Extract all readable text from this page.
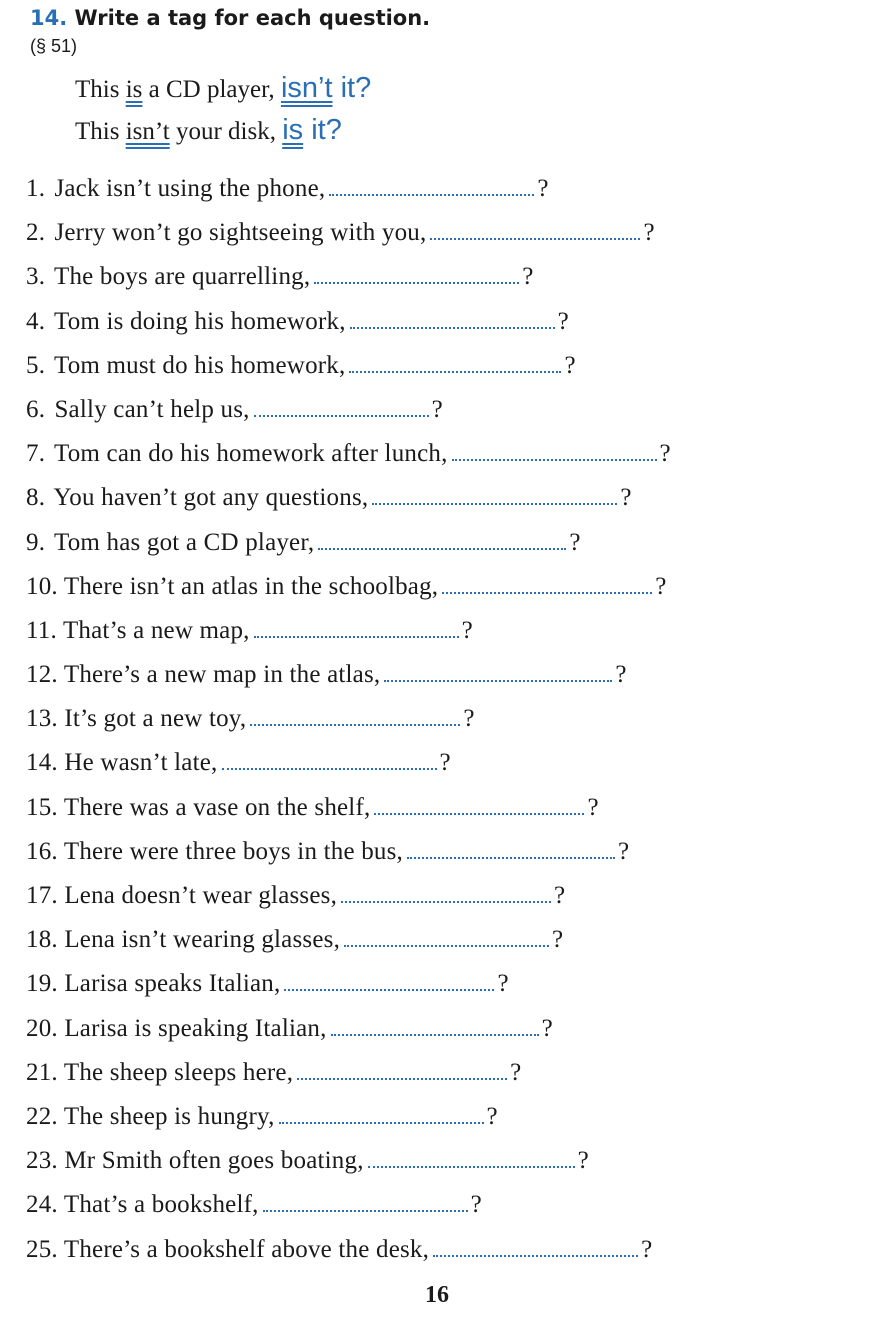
14. Write a tag for each question.
(§ 51)
This is a CD player, isn’t it?
This isn’t your disk, is it?
1. Jack isn’t using the phone,	?
2. Jerry won’t go sightseeing with you,	?
3. The boys are quarrelling,	?
4. Tom is doing his homework,	?
5. Tom must do his homework,	?
6. Sally can’t help us,	?
7. Tom can do his homework after lunch,	?
8. You haven’t got any questions,	?
9. Tom has got a CD player,	?
10. There isn’t an atlas in the schoolbag,	?
11. That’s a new map,	?
12. There’s a new map in the atlas,	?
13. It’s got a new toy,	?
14. He wasn’t late,	?
15. There was a vase on the shelf,	?
16. There were three boys in the bus,	?
17. Lena doesn’t wear glasses,	?
18. Lena isn’t wearing glasses,	?
19. Larisa speaks Italian,	?
20. Larisa is speaking Italian,	?
21. The sheep sleeps here,	?
22. The sheep is hungry,	?
23. Mr Smith often goes boating,	?
24. That’s a bookshelf,	?
25. There’s a bookshelf above the desk,	?
16
